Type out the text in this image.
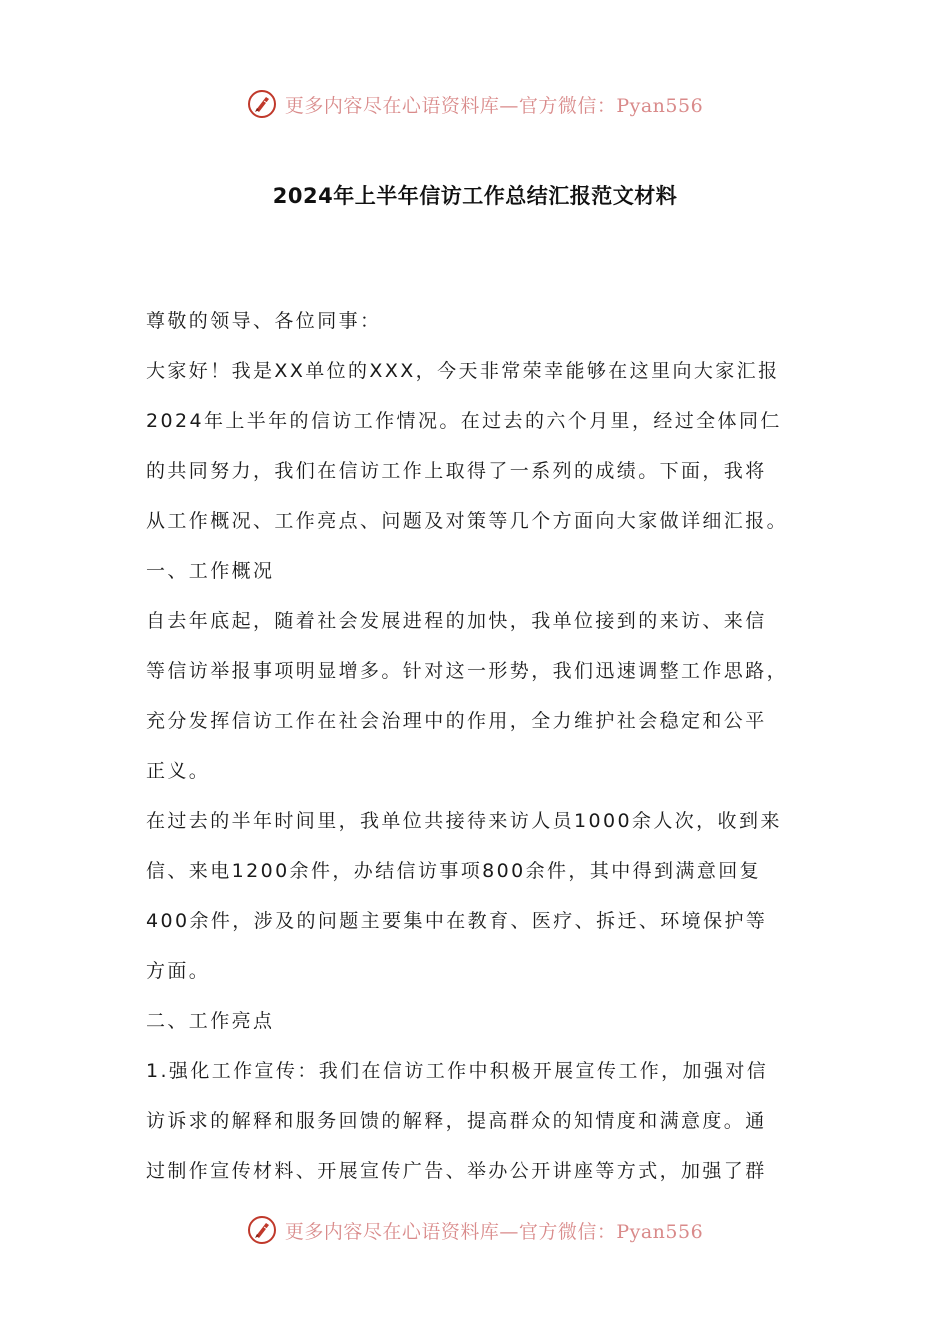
更多内容尽在心语资料库—官方微信：Pyan556
2024年上半年信访工作总结汇报范文材料
尊敬的领导、各位同事：
大家好！我是XX单位的XXX，今天非常荣幸能够在这里向大家汇报
2024年上半年的信访工作情况。在过去的六个月里，经过全体同仁
的共同努力，我们在信访工作上取得了一系列的成绩。下面，我将
从工作概况、工作亮点、问题及对策等几个方面向大家做详细汇报。
一、工作概况
自去年底起，随着社会发展进程的加快，我单位接到的来访、来信
等信访举报事项明显增多。针对这一形势，我们迅速调整工作思路，
充分发挥信访工作在社会治理中的作用，全力维护社会稳定和公平
正义。
在过去的半年时间里，我单位共接待来访人员1000余人次，收到来
信、来电1200余件，办结信访事项800余件，其中得到满意回复
400余件，涉及的问题主要集中在教育、医疗、拆迁、环境保护等
方面。
二、工作亮点
1.强化工作宣传：我们在信访工作中积极开展宣传工作，加强对信
访诉求的解释和服务回馈的解释，提高群众的知情度和满意度。通
过制作宣传材料、开展宣传广告、举办公开讲座等方式，加强了群
更多内容尽在心语资料库—官方微信：Pyan556
